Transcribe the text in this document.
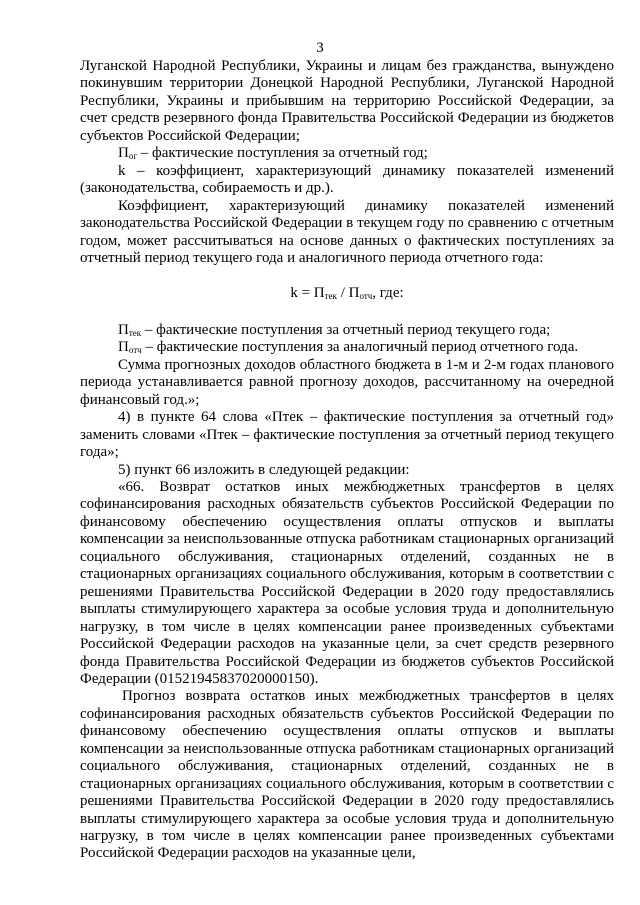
3

Луганской Народной Республики, Украины и лицам без гражданства, вынуждено покинувшим территории Донецкой Народной Республики, Луганской Народной Республики, Украины и прибывшим на территорию Российской Федерации, за счет средств резервного фонда Правительства Российской Федерации из бюджетов субъектов Российской Федерации;

$П_{ог}$ – фактические поступления за отчетный год;

k – коэффициент, характеризующий динамику показателей изменений (законодательства, собираемость и др.).

Коэффициент, характеризующий динамику показателей изменений законодательства Российской Федерации в текущем году по сравнению с отчетным годом, может рассчитываться на основе данных о фактических поступлениях за отчетный период текущего года и аналогичного периода отчетного года:

$k = П_{тек} / П_{отч}$, где:

$П_{тек}$ – фактические поступления за отчетный период текущего года;

$П_{отч}$ – фактические поступления за аналогичный период отчетного года.

Сумма прогнозных доходов областного бюджета в 1-м и 2-м годах планового периода устанавливается равной прогнозу доходов, рассчитанному на очередной финансовый год.»;

4) в пункте 64 слова «Птек – фактические поступления за отчетный год» заменить словами «Птек – фактические поступления за отчетный период текущего года»;

5) пункт 66 изложить в следующей редакции:

«66. Возврат остатков иных межбюджетных трансфертов в целях софинансирования расходных обязательств субъектов Российской Федерации по финансовому обеспечению осуществления оплаты отпусков и выплаты компенсации за неиспользованные отпуска работникам стационарных организаций социального обслуживания, стационарных отделений, созданных не в стационарных организациях социального обслуживания, которым в соответствии с решениями Правительства Российской Федерации в 2020 году предоставлялись выплаты стимулирующего характера за особые условия труда и дополнительную нагрузку, в том числе в целях компенсации ранее произведенных субъектами Российской Федерации расходов на указанные цели, за счет средств резервного фонда Правительства Российской Федерации из бюджетов субъектов Российской Федерации (01521945837020000150).

Прогноз возврата остатков иных межбюджетных трансфертов в целях софинансирования расходных обязательств субъектов Российской Федерации по финансовому обеспечению осуществления оплаты отпусков и выплаты компенсации за неиспользованные отпуска работникам стационарных организаций социального обслуживания, стационарных отделений, созданных не в стационарных организациях социального обслуживания, которым в соответствии с решениями Правительства Российской Федерации в 2020 году предоставлялись выплаты стимулирующего характера за особые условия труда и дополнительную нагрузку, в том числе в целях компенсации ранее произведенных субъектами Российской Федерации расходов на указанные цели,
